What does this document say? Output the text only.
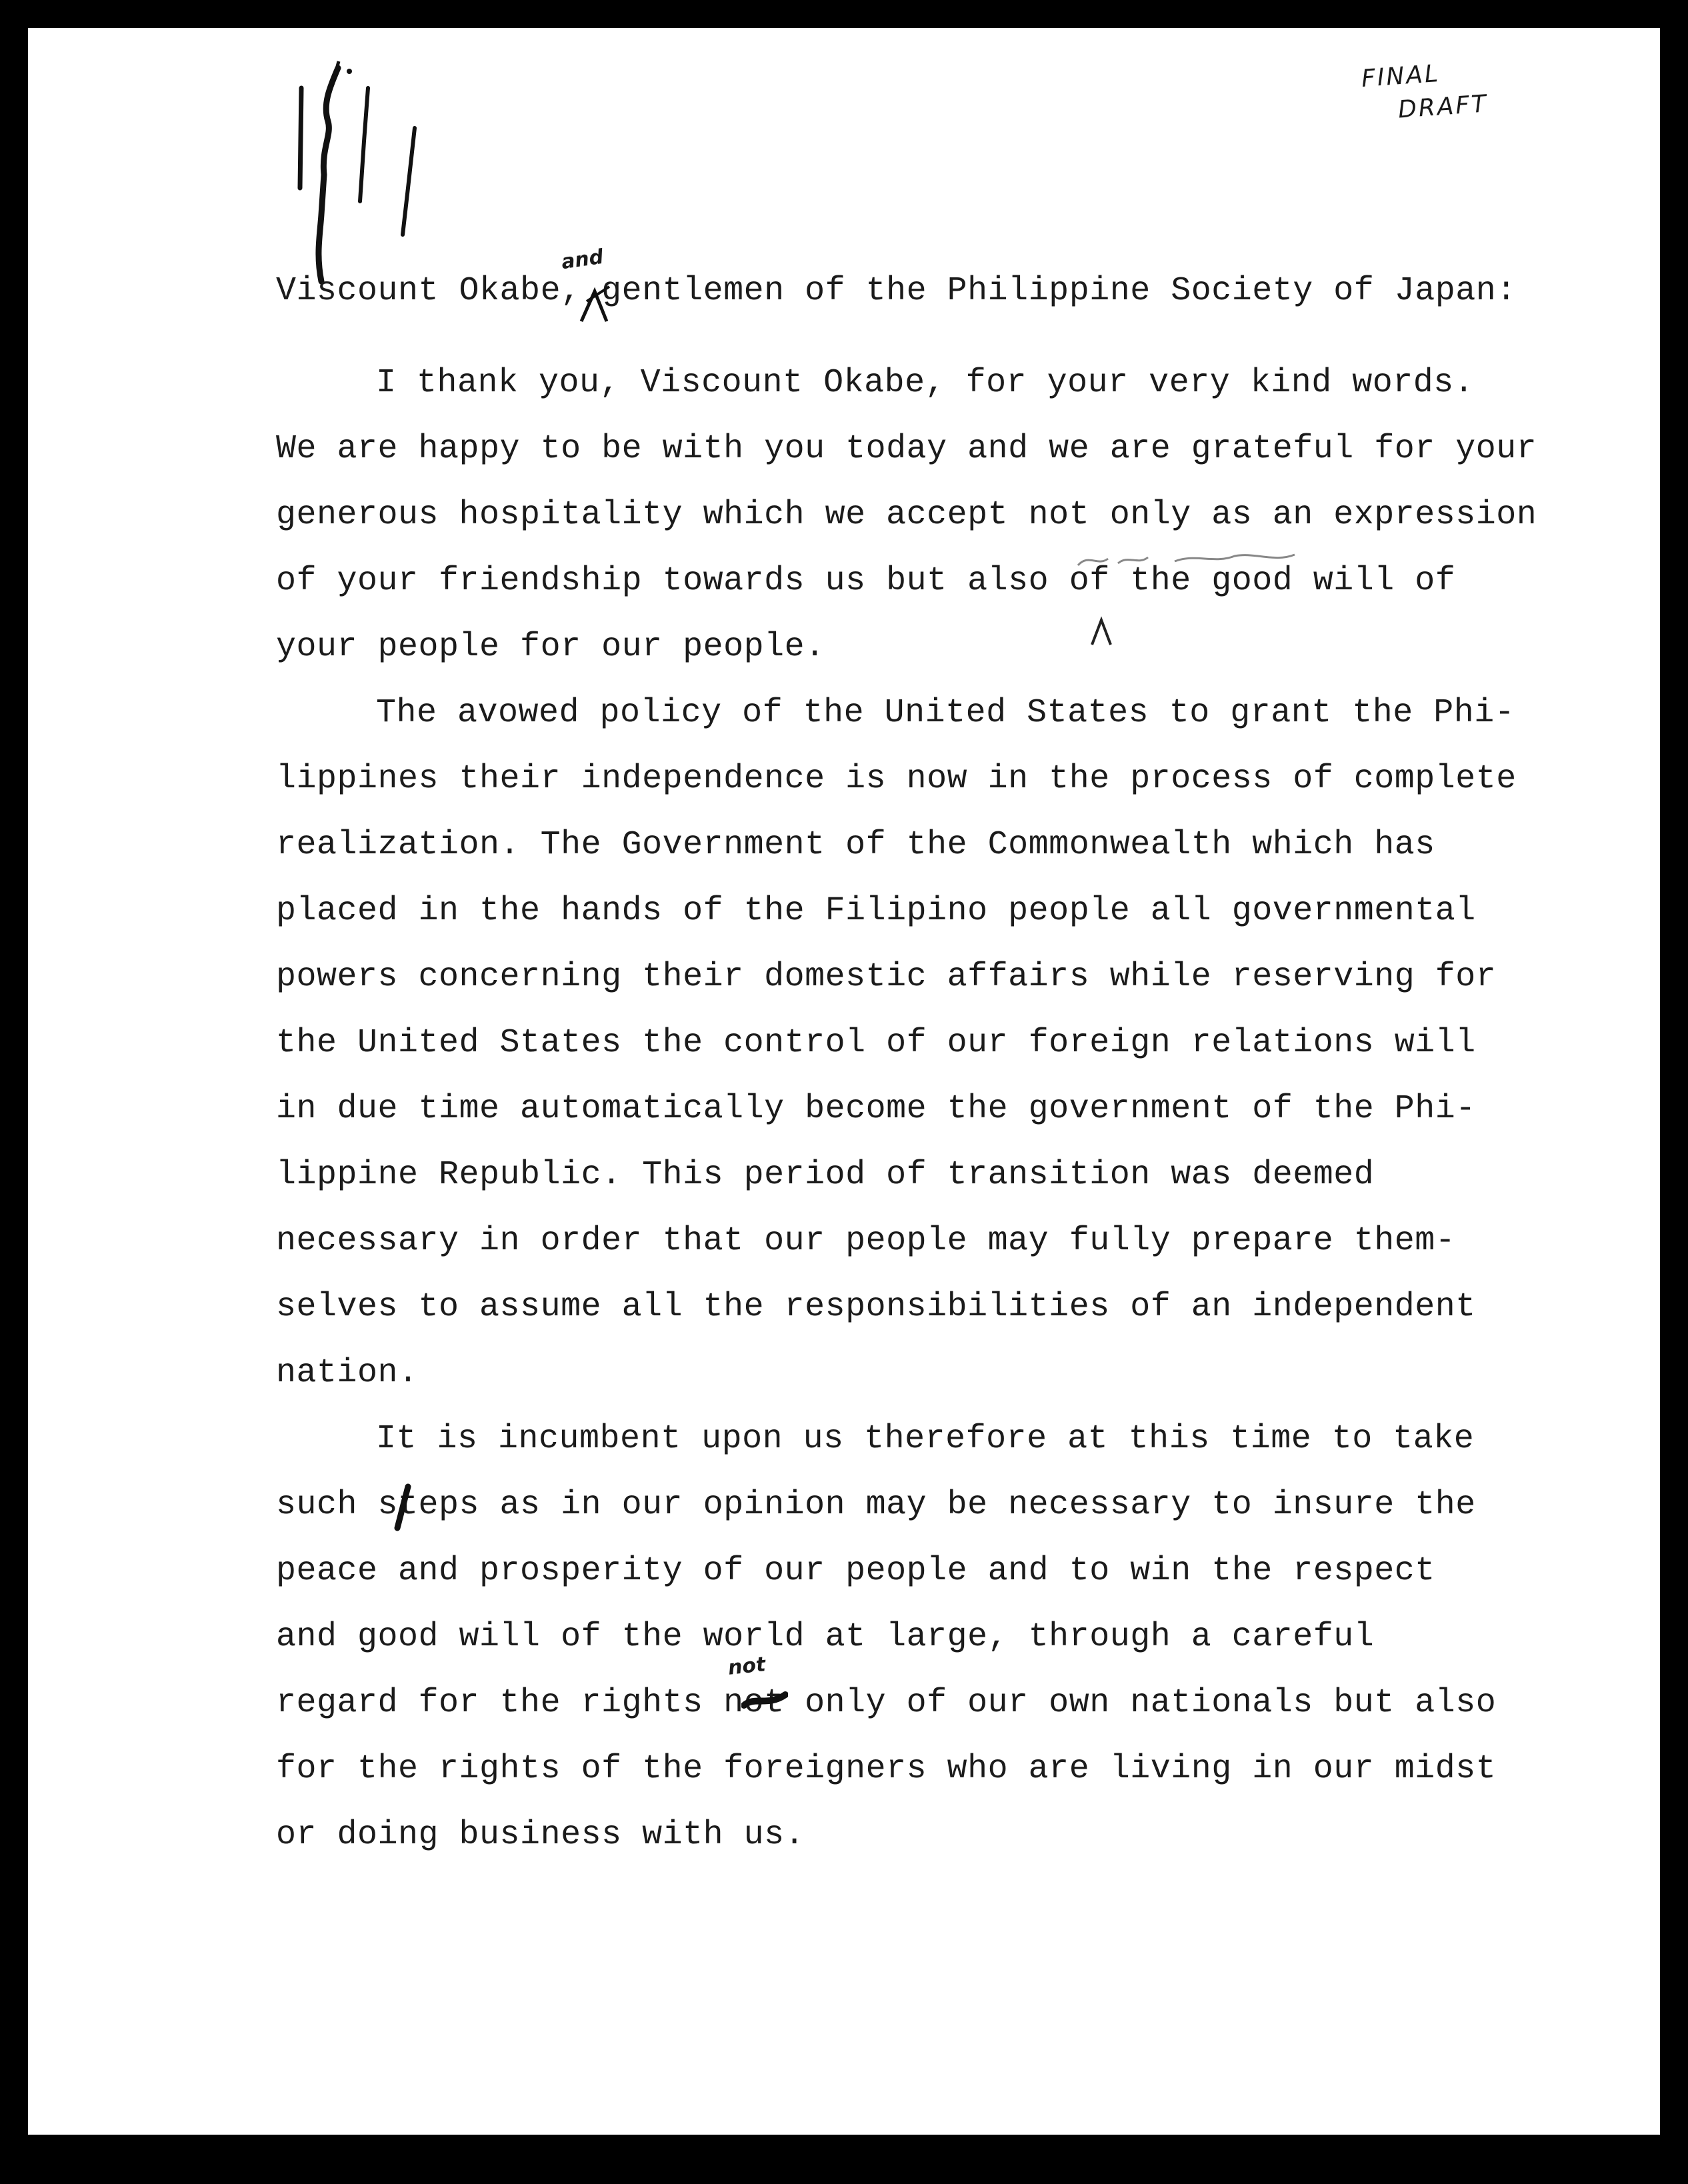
FINAL
DRAFT
Viscount Okabe, gentlemen of the Philippine Society of Japan:
and
I thank you, Viscount Okabe, for your very kind words.
We are happy to be with you today and we are grateful for your
generous hospitality which we accept not only as an expression
of your friendship towards us but also of the good will of
your people for our people.
The avowed policy of the United States to grant the Phi-
lippines their independence is now in the process of complete
realization. The Government of the Commonwealth which has
placed in the hands of the Filipino people all governmental
powers concerning their domestic affairs while reserving for
the United States the control of our foreign relations will
in due time automatically become the government of the Phi-
lippine Republic. This period of transition was deemed
necessary in order that our people may fully prepare them-
selves to assume all the responsibilities of an independent
nation.
It is incumbent upon us therefore at this time to take
such steps as in our opinion may be necessary to insure the
peace and prosperity of our people and to win the respect
and good will of the world at large, through a careful
regard for the rights not only of our own nationals but also
for the rights of the foreigners who are living in our midst
or doing business with us.
not
